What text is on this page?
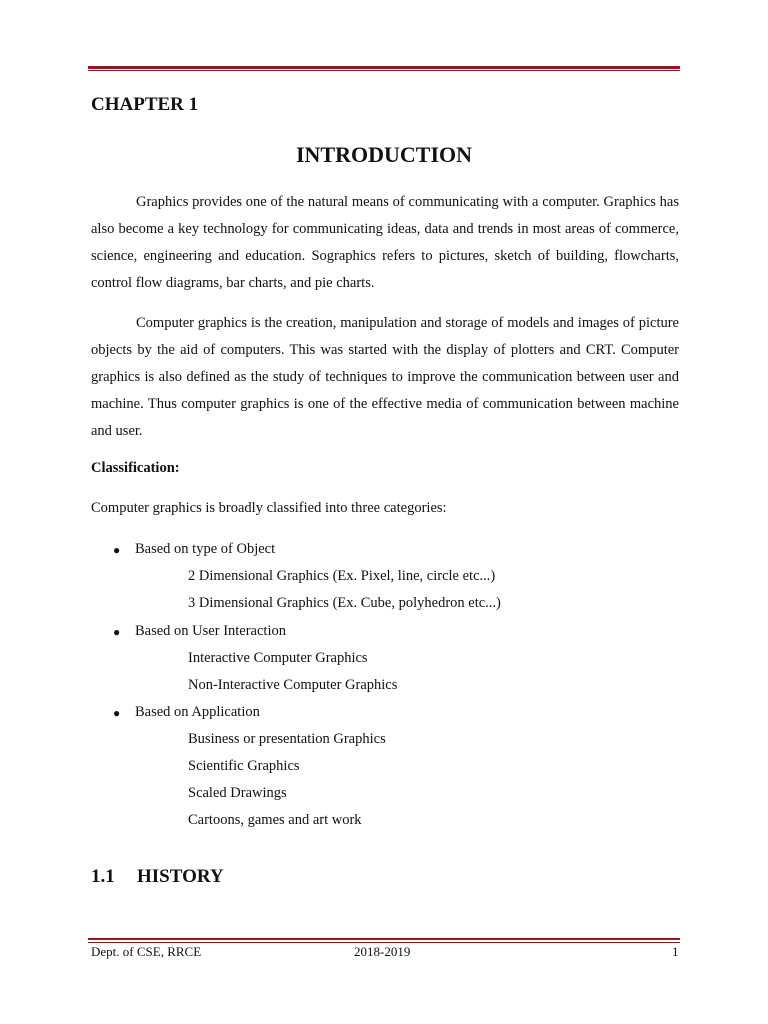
CHAPTER 1
INTRODUCTION

Graphics provides one of the natural means of communicating with a computer. Graphics has also become a key technology for communicating ideas, data and trends in most areas of commerce, science, engineering and education. Sographics refers to pictures, sketch of building, flowcharts, control flow diagrams, bar charts, and pie charts.

Computer graphics is the creation, manipulation and storage of models and images of picture objects by the aid of computers. This was started with the display of plotters and CRT. Computer graphics is also defined as the study of techniques to improve the communication between user and machine. Thus computer graphics is one of the effective media of communication between machine and user.

Classification:

Computer graphics is broadly classified into three categories:

● Based on type of Object

2 Dimensional Graphics (Ex. Pixel, line, circle etc...)

3 Dimensional Graphics (Ex. Cube, polyhedron etc...)

● Based on User Interaction

Interactive Computer Graphics

Non-Interactive Computer Graphics

● Based on Application

Business or presentation Graphics

Scientific Graphics

Scaled Drawings

Cartoons, games and art work

1.1 HISTORY

Dept. of CSE, RRCE	2018-2019	1
